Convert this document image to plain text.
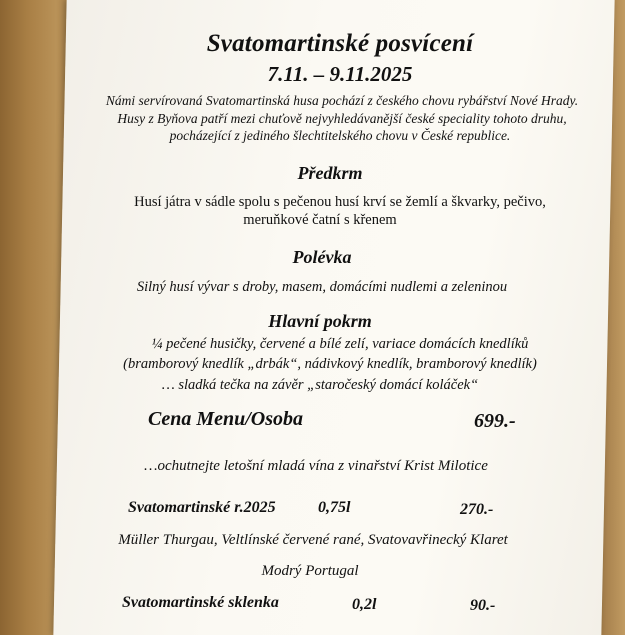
Svatomartinské posvícení
7.11. – 9.11.2025
Námi servírovaná Svatomartinská husa pochází z českého chovu rybářství Nové Hrady.
Husy z Byňova patří mezi chuťově nejvyhledávanější české speciality tohoto druhu,
pocházející z jediného šlechtitelského chovu v České republice.
Předkrm
Husí játra v sádle spolu s pečenou husí krví se žemlí a škvarky, pečivo,
meruňkové čatní s křenem
Polévka
Silný husí vývar s droby, masem, domácími nudlemi a zeleninou
Hlavní pokrm
¼ pečené husičky, červené a bílé zelí, variace domácích knedlíků
(bramborový knedlík „drbák“, nádivkový knedlík, bramborový knedlík)
… sladká tečka na závěr „staročeský domácí koláček“
Cena Menu/Osoba	699.-
…ochutnejte letošní mladá vína z vinařství Krist Milotice
Svatomartinské r.2025	0,75l	270.-
Müller Thurgau, Veltlínské červené rané, Svatovavřinecký Klaret
Modrý Portugal
Svatomartinské sklenka	0,2l	90.-
